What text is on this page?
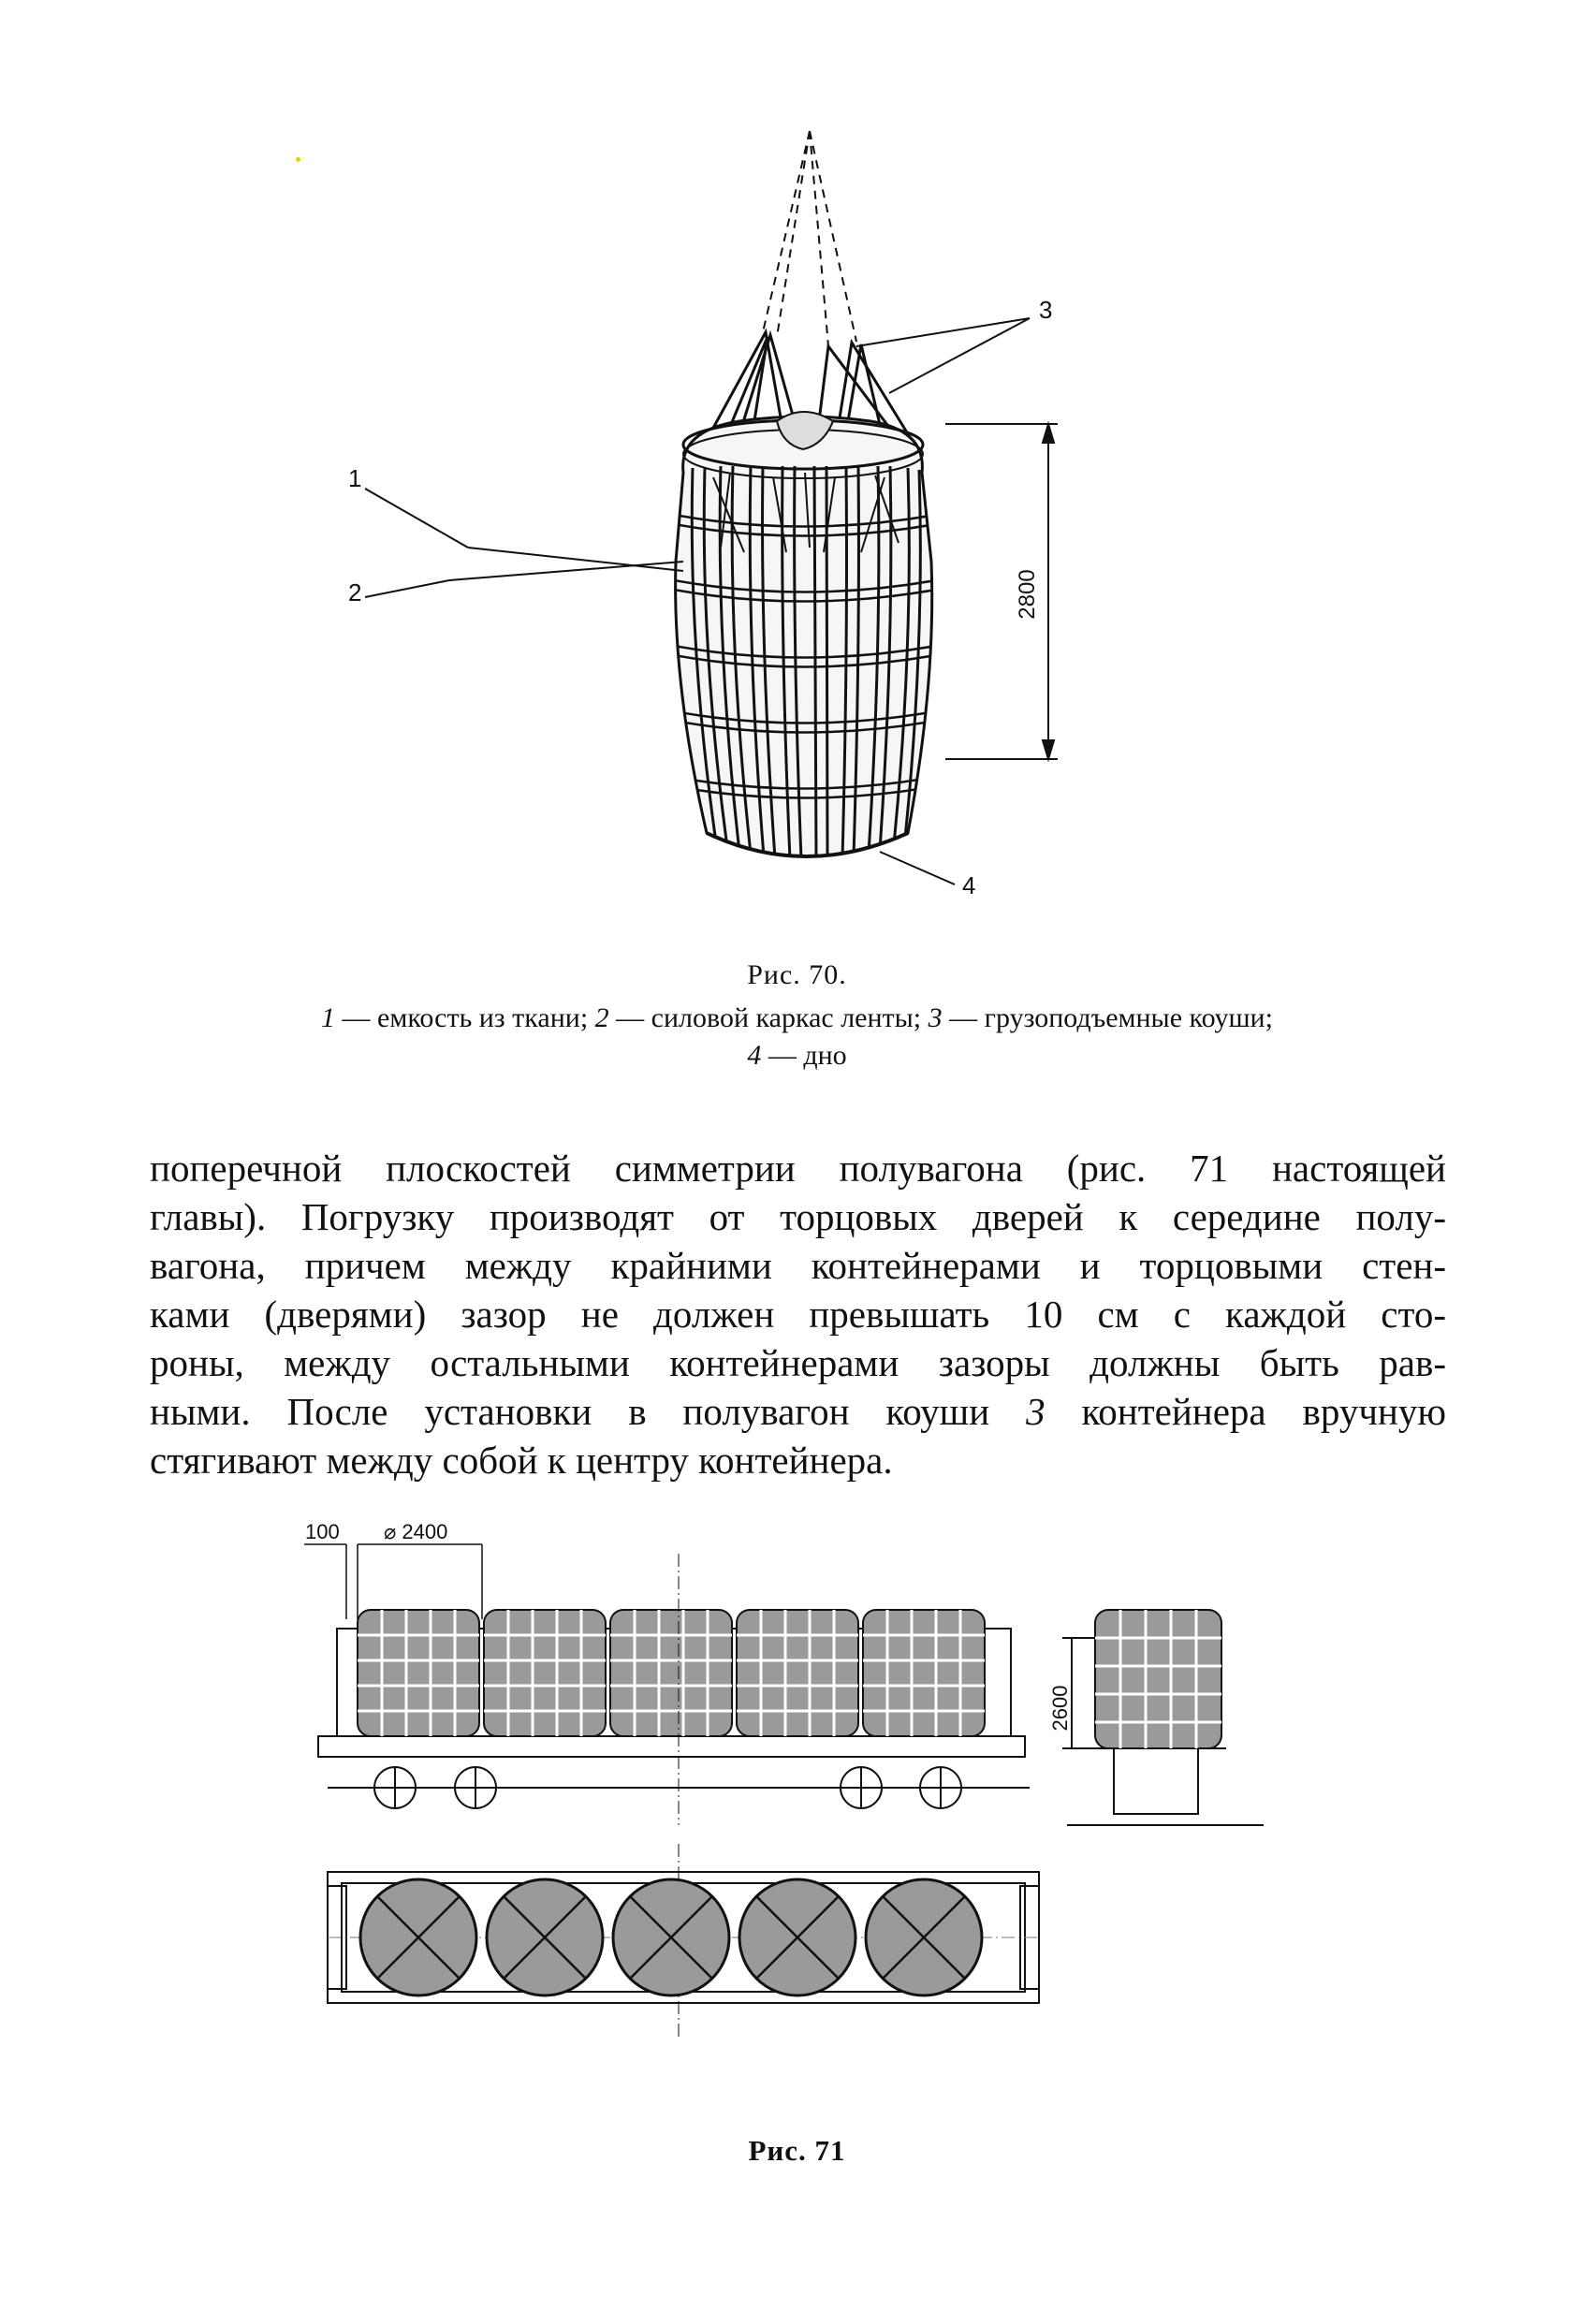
2800
1
2
3
4
Рис. 70.
1 — емкость из ткани; 2 — силовой каркас ленты; 3 — грузоподъемные коуши;
4 — дно
поперечной плоскостей симметрии полувагона (рис. 71 настоящей
главы). Погрузку производят от торцовых дверей к середине полу-
вагона, причем между крайними контейнерами и торцовыми стен-
ками (дверями) зазор не должен превышать 10 см с каждой сто-
роны, между остальными контейнерами зазоры должны быть рав-
ными. После установки в полувагон коуши 3 контейнера вручную
стягивают между собой к центру контейнера.
100 ⌀ 2400
2600
Рис. 71
